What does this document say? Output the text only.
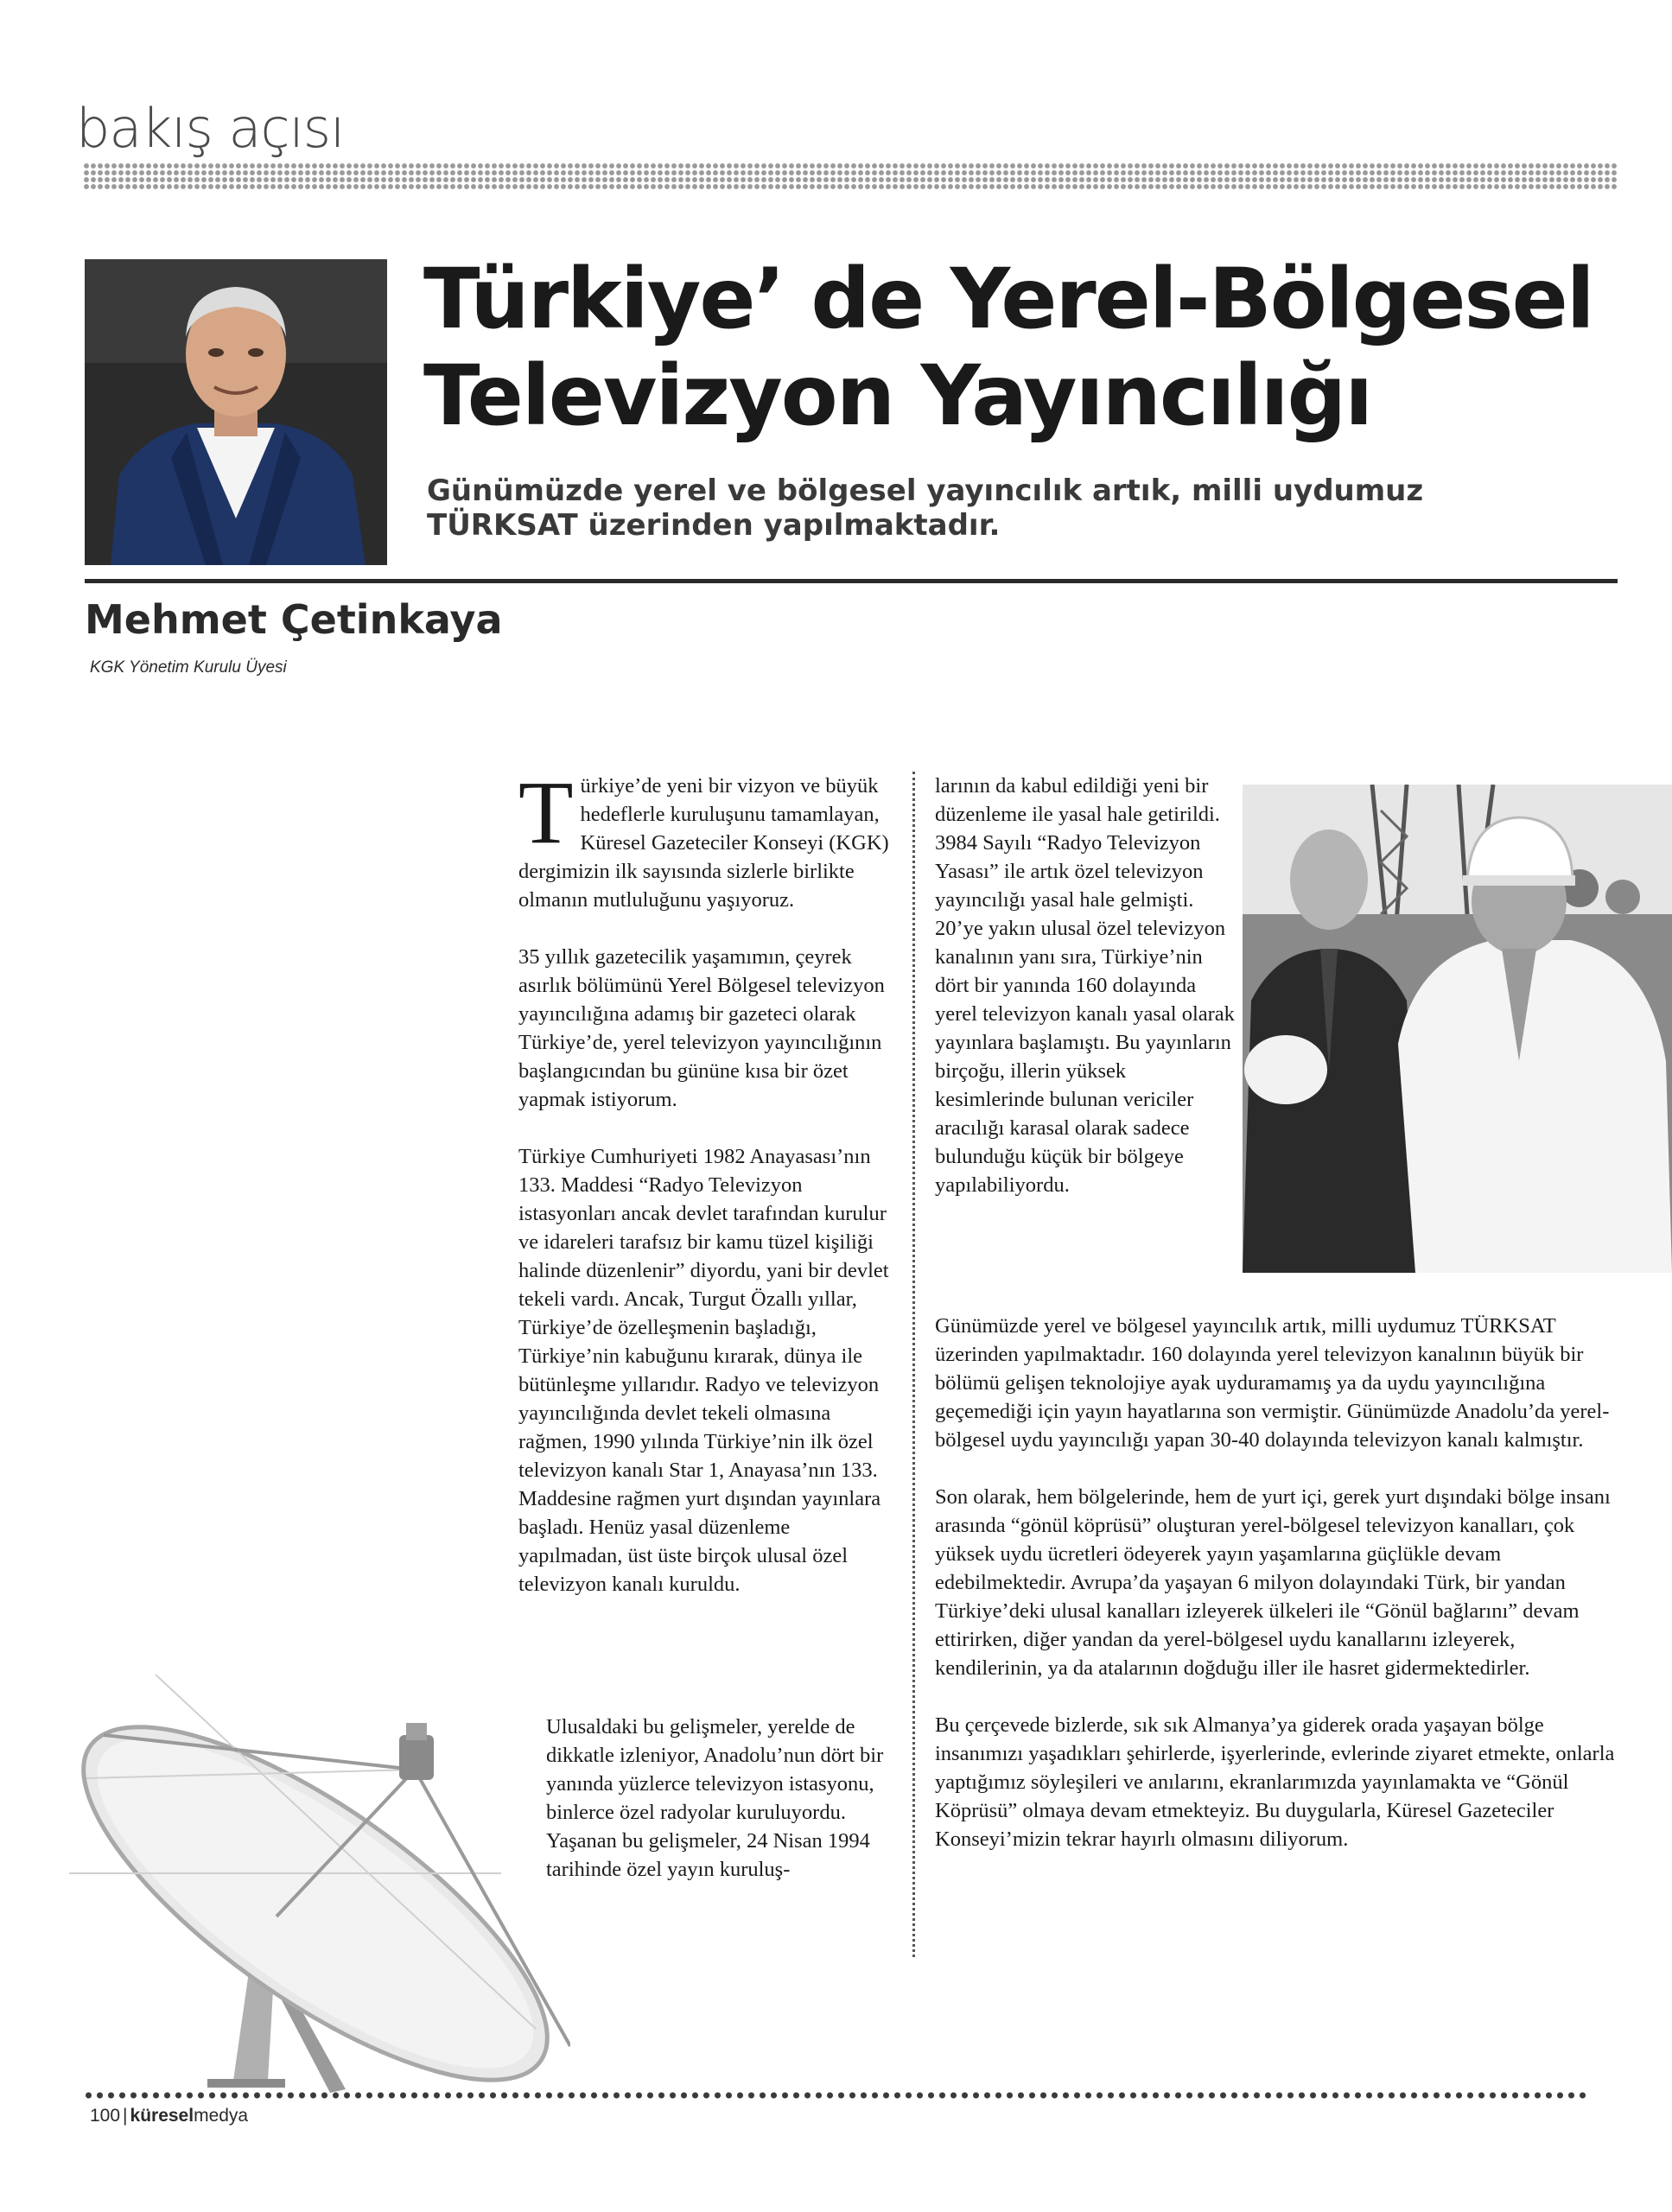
bakış açısı
Türkiye’ de Yerel-Bölgesel
Televizyon Yayıncılığı
Günümüzde yerel ve bölgesel yayıncılık artık, milli uydumuz
TÜRKSAT üzerinden yapılmaktadır.
Mehmet Çetinkaya
KGK Yönetim Kurulu Üyesi

Türkiye’de yeni bir vizyon ve büyük hedeflerle kuruluşunu tamamlayan, Küresel Gazeteciler Konseyi (KGK) dergimizin ilk sayısında sizlerle birlikte olmanın mutluluğunu yaşıyoruz.

35 yıllık gazetecilik yaşamımın, çeyrek asırlık bölümünü Yerel Bölgesel televizyon yayıncılığına adamış bir gazeteci olarak Türkiye’de, yerel televizyon yayıncılığının başlangıcından bu gününe kısa bir özet yapmak istiyorum.

Türkiye Cumhuriyeti 1982 Anayasası’nın 133. Maddesi “Radyo Televizyon istasyonları ancak devlet tarafından kurulur ve idareleri tarafsız bir kamu tüzel kişiliği halinde düzenlenir” diyordu, yani bir devlet tekeli vardı. Ancak, Turgut Özallı yıllar, Türkiye’de özelleşmenin başladığı, Türkiye’nin kabuğunu kırarak, dünya ile bütünleşme yıllarıdır. Radyo ve televizyon yayıncılığında devlet tekeli olmasına rağmen, 1990 yılında Türkiye’nin ilk özel televizyon kanalı Star 1, Anayasa’nın 133. Maddesine rağmen yurt dışından yayınlara başladı. Henüz yasal düzenleme yapılmadan, üst üste birçok ulusal özel televizyon kanalı kuruldu.

Ulusaldaki bu gelişmeler, yerelde de dikkatle izleniyor, Anadolu’nun dört bir yanında yüzlerce televizyon istasyonu, binlerce özel radyolar kuruluyordu. Yaşanan bu gelişmeler, 24 Nisan 1994 tarihinde özel yayın kuruluş-

larının da kabul edildiği yeni bir düzenleme ile yasal hale getirildi. 3984 Sayılı “Radyo Televizyon Yasası” ile artık özel televizyon yayıncılığı yasal hale gelmişti. 20’ye yakın ulusal özel televizyon kanalının yanı sıra, Türkiye’nin dört bir yanında 160 dolayında yerel televizyon kanalı yasal olarak yayınlara başlamıştı. Bu yayınların birçoğu, illerin yüksek kesimlerinde bulunan vericiler aracılığı karasal olarak sadece bulunduğu küçük bir bölgeye yapılabiliyordu.

Günümüzde yerel ve bölgesel yayıncılık artık, milli uydumuz TÜRKSAT üzerinden yapılmaktadır. 160 dolayında yerel televizyon kanalının büyük bir bölümü gelişen teknolojiye ayak uyduramamış ya da uydu yayıncılığına geçemediği için yayın hayatlarına son vermiştir. Günümüzde Anadolu’da yerel-bölgesel uydu yayıncılığı yapan 30-40 dolayında televizyon kanalı kalmıştır.

Son olarak, hem bölgelerinde, hem de yurt içi, gerek yurt dışındaki bölge insanı arasında “gönül köprüsü” oluşturan yerel-bölgesel televizyon kanalları, çok yüksek uydu ücretleri ödeyerek yayın yaşamlarına güçlükle devam edebilmektedir. Avrupa’da yaşayan 6 milyon dolayındaki Türk, bir yandan Türkiye’deki ulusal kanalları izleyerek ülkeleri ile “Gönül bağlarını” devam ettirirken, diğer yandan da yerel-bölgesel uydu kanallarını izleyerek, kendilerinin, ya da atalarının doğduğu iller ile hasret gidermektedirler.

Bu çerçevede bizlerde, sık sık Almanya’ya giderek orada yaşayan bölge insanımızı yaşadıkları şehirlerde, işyerlerinde, evlerinde ziyaret etmekte, onlarla yaptığımız söyleşileri ve anılarını, ekranlarımızda yayınlamakta ve “Gönül Köprüsü” olmaya devam etmekteyiz. Bu duygularla, Küresel Gazeteciler Konseyi’mizin tekrar hayırlı olmasını diliyorum.

100 | küreselmedya
